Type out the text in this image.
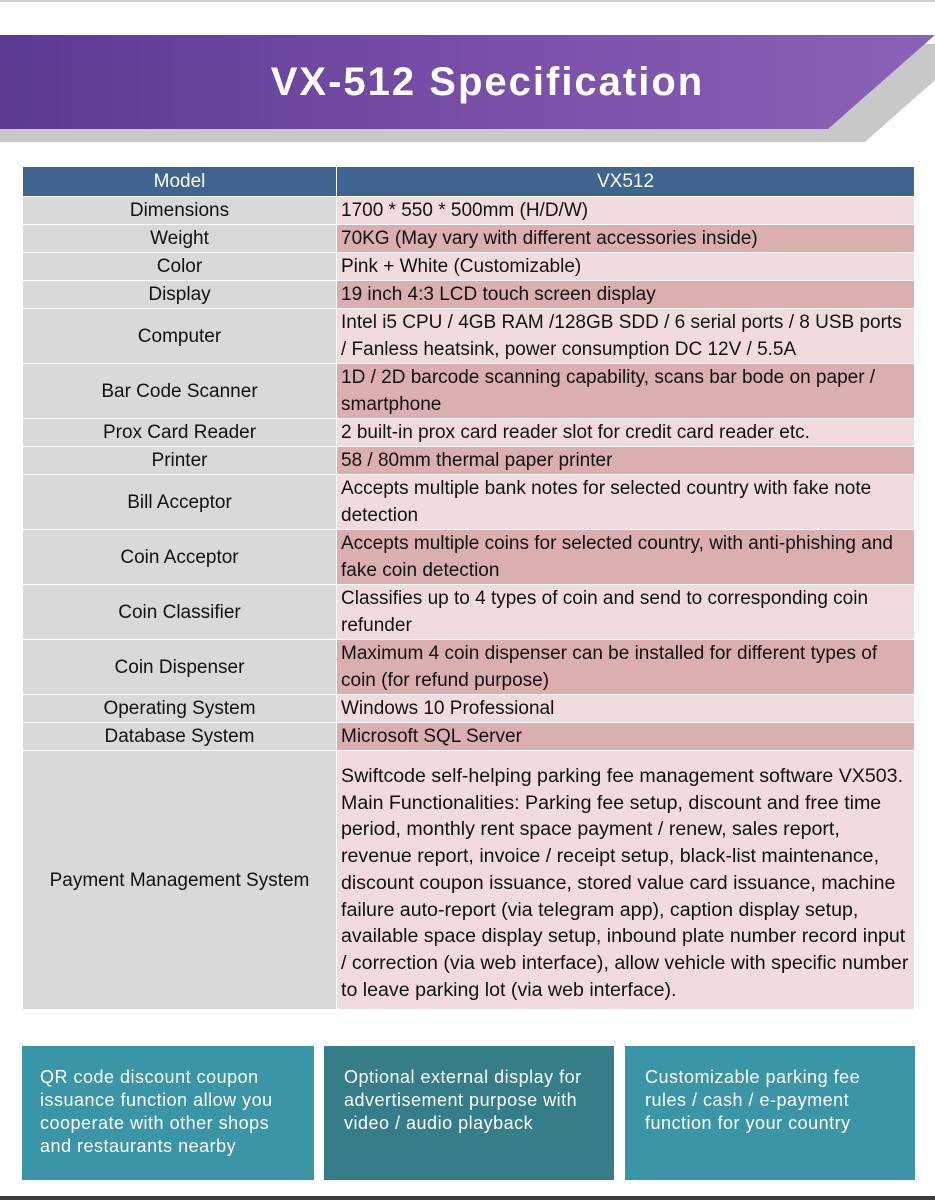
VX-512 Specification
Model	VX512
Dimensions	1700 * 550 * 500mm (H/D/W)
Weight	70KG (May vary with different accessories inside)
Color	Pink + White (Customizable)
Display	19 inch 4:3 LCD touch screen display
Computer	Intel i5 CPU / 4GB RAM /128GB SDD / 6 serial ports / 8 USB ports / Fanless heatsink, power consumption DC 12V / 5.5A
Bar Code Scanner	1D / 2D barcode scanning capability, scans bar bode on paper / smartphone
Prox Card Reader	2 built-in prox card reader slot for credit card reader etc.
Printer	58 / 80mm thermal paper printer
Bill Acceptor	Accepts multiple bank notes for selected country with fake note detection
Coin Acceptor	Accepts multiple coins for selected country, with anti-phishing and fake coin detection
Coin Classifier	Classifies up to 4 types of coin and send to corresponding coin refunder
Coin Dispenser	Maximum 4 coin dispenser can be installed for different types of coin (for refund purpose)
Operating System	Windows 10 Professional
Database System	Microsoft SQL Server
Payment Management System	Swiftcode self-helping parking fee management software VX503. Main Functionalities: Parking fee setup, discount and free time period, monthly rent space payment / renew, sales report, revenue report, invoice / receipt setup, black-list maintenance, discount coupon issuance, stored value card issuance, machine failure auto-report (via telegram app), caption display setup, available space display setup, inbound plate number record input / correction (via web interface), allow vehicle with specific number to leave parking lot (via web interface).

QR code discount coupon issuance function allow you cooperate with other shops and restaurants nearby

Optional external display for advertisement purpose with video / audio playback

Customizable parking fee rules / cash / e-payment function for your country
